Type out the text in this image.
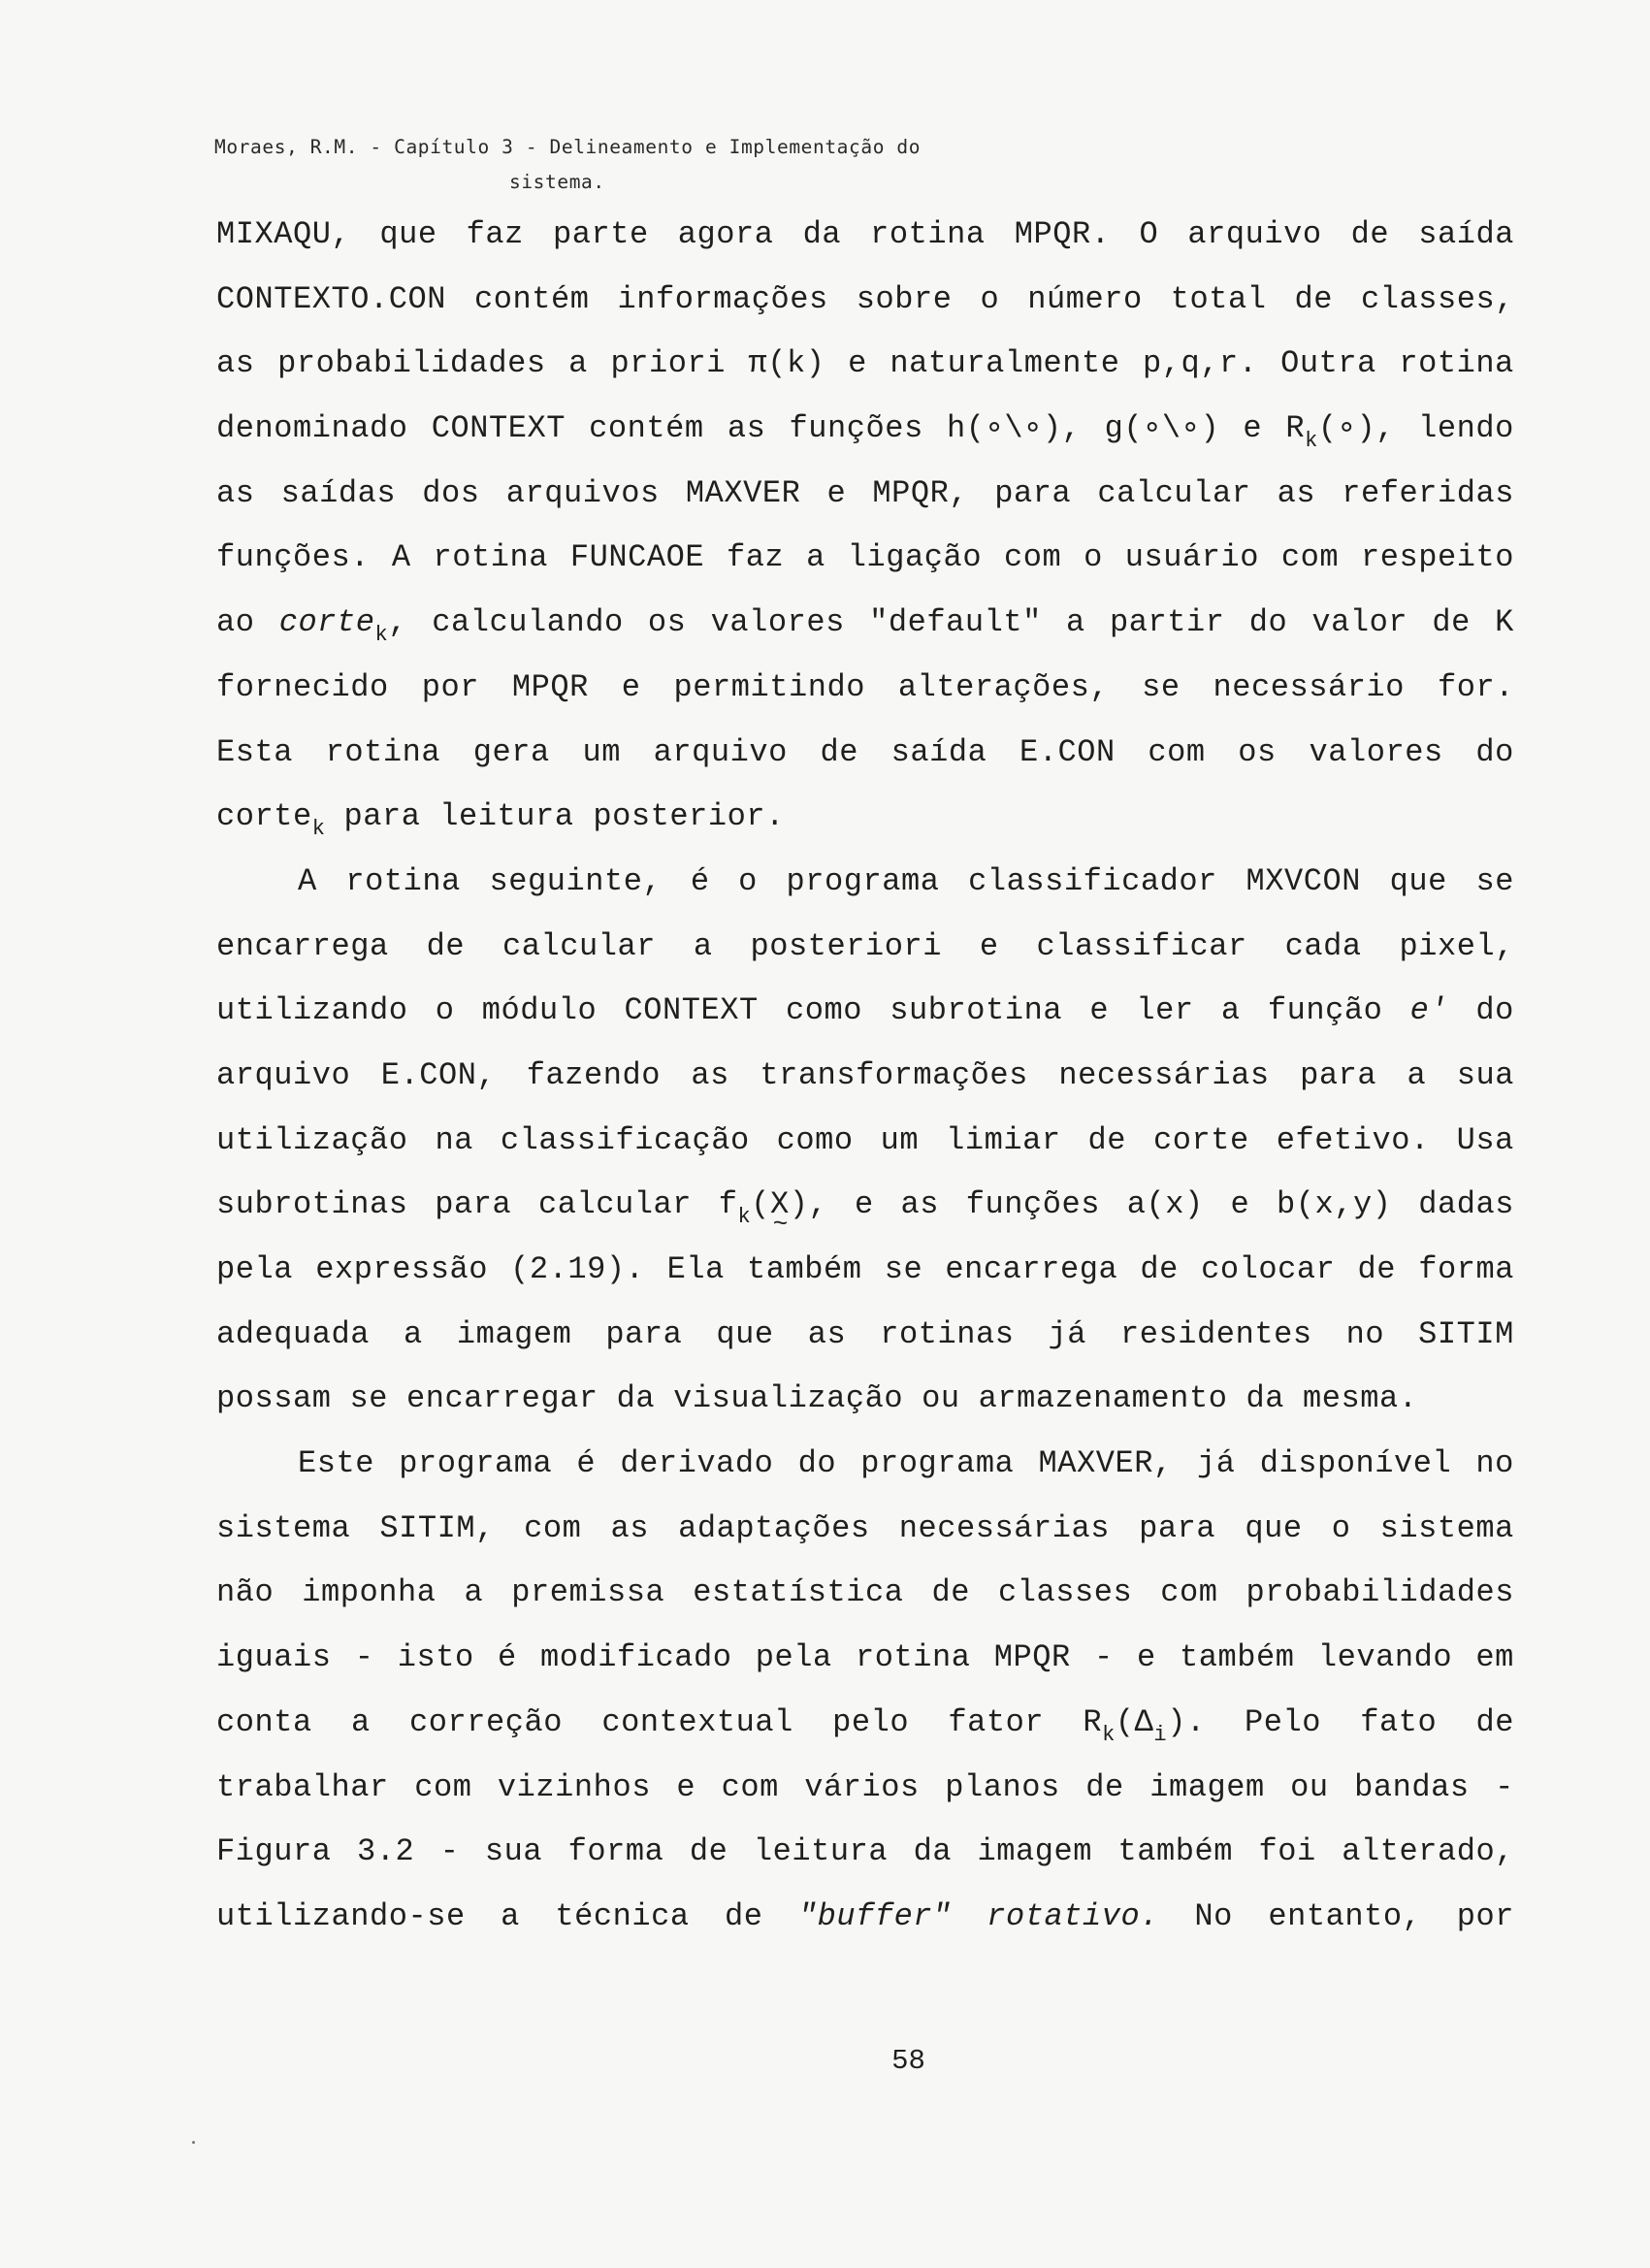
Moraes, R.M. - Capítulo 3 - Delineamento e Implementação do
sistema.
MIXAQU, que faz parte agora da rotina MPQR. O arquivo de saída
CONTEXTO.CON contém informações sobre o número total de classes,
as probabilidades a priori π(k) e naturalmente p,q,r. Outra rotina
denominado CONTEXT contém as funções h(∘\∘), g(∘\∘) e $R_k(\circ)$, lendo
as saídas dos arquivos MAXVER e MPQR, para calcular as referidas
funções. A rotina FUNCAOE faz a ligação com o usuário com respeito
ao corte$_k$, calculando os valores "default" a partir do valor de K
fornecido por MPQR e permitindo alterações, se necessário for.
Esta rotina gera um arquivo de saída E.CON com os valores do
corte$_k$ para leitura posterior.
A rotina seguinte, é o programa classificador MXVCON que se
encarrega de calcular a posteriori e classificar cada pixel,
utilizando o módulo CONTEXT como subrotina e ler a função e' do
arquivo E.CON, fazendo as transformações necessárias para a sua
utilização na classificação como um limiar de corte efetivo. Usa
subrotinas para calcular $f_k(X$ ~), e as funções a(x) e b(x,y) dadas
pela expressão (2.19). Ela também se encarrega de colocar de forma
adequada a imagem para que as rotinas já residentes no SITIM
possam se encarregar da visualização ou armazenamento da mesma.
Este programa é derivado do programa MAXVER, já disponível no
sistema SITIM, com as adaptações necessárias para que o sistema
não imponha a premissa estatística de classes com probabilidades
iguais - isto é modificado pela rotina MPQR - e também levando em
conta a correção contextual pelo fator $R_k(\Delta_i)$. Pelo fato de
trabalhar com vizinhos e com vários planos de imagem ou bandas -
Figura 3.2 - sua forma de leitura da imagem também foi alterado,
utilizando-se a técnica de "buffer" rotativo. No entanto, por
58
